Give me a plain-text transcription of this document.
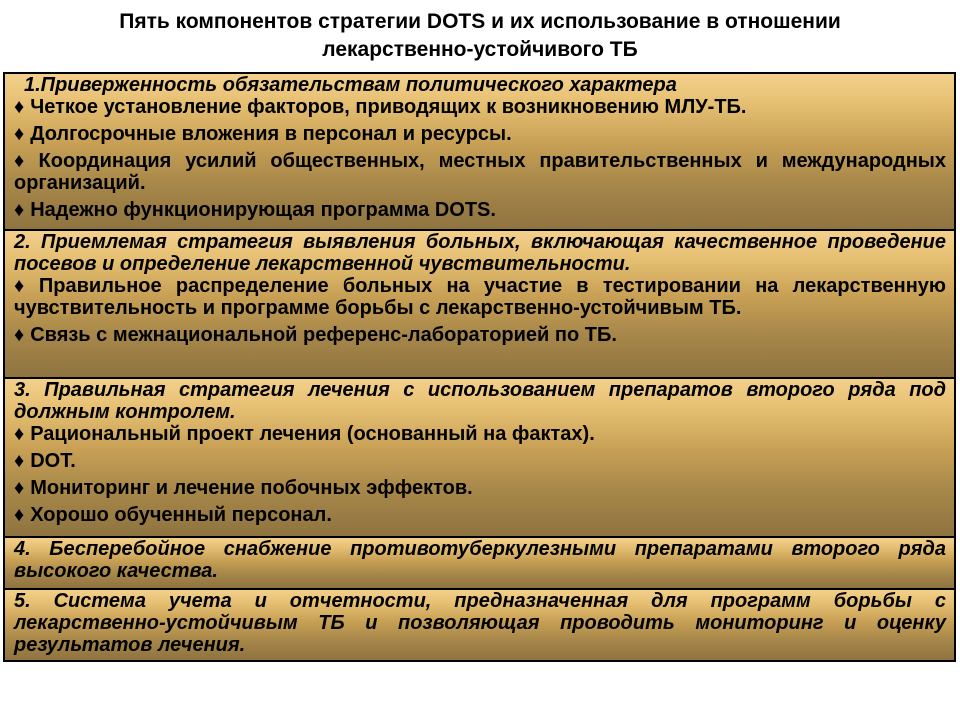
Пять компонентов стратегии DOTS и их использование в отношении
лекарственно-устойчивого ТБ
1.Приверженность обязательствам политического характера
♦ Четкое установление факторов, приводящих к возникновению МЛУ-ТБ.
♦ Долгосрочные вложения в персонал и ресурсы.
♦ Координация усилий общественных, местных правительственных и международных организаций.
♦ Надежно функционирующая программа DOTS.
2. Приемлемая стратегия выявления больных, включающая качественное проведение посевов и определение лекарственной чувствительности.
♦ Правильное распределение больных на участие в тестировании на лекарственную чувствительность и программе борьбы с лекарственно-устойчивым ТБ.
♦ Связь с межнациональной референс-лабораторией по ТБ.
3. Правильная стратегия лечения с использованием препаратов второго ряда под должным контролем.
♦ Рациональный проект лечения (основанный на фактах).
♦ DOT.
♦ Мониторинг и лечение побочных эффектов.
♦ Хорошо обученный персонал.
4. Бесперебойное снабжение противотуберкулезными препаратами второго ряда высокого качества.
5. Система учета и отчетности, предназначенная для программ борьбы с лекарственно-устойчивым ТБ и позволяющая проводить мониторинг и оценку результатов лечения.
